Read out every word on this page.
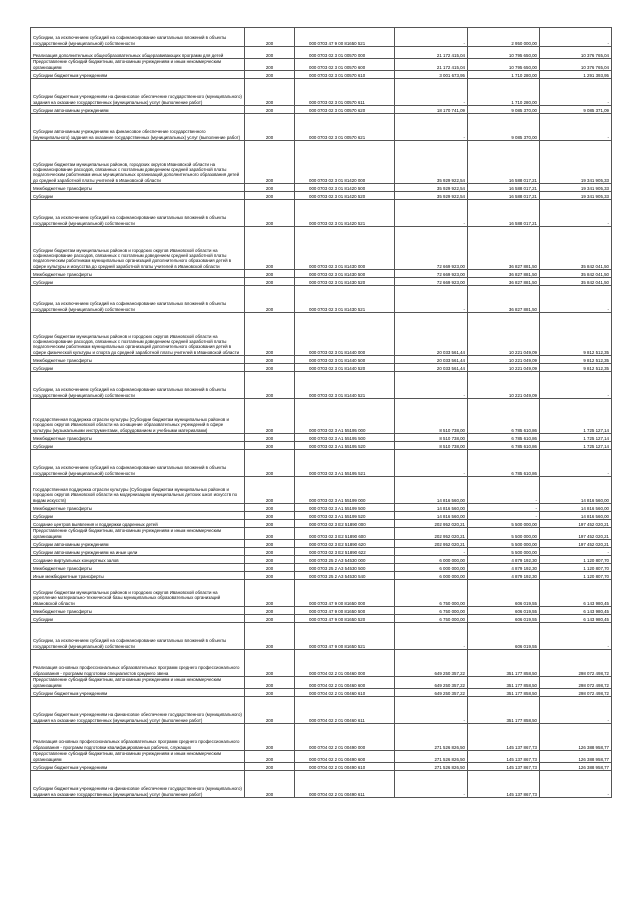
Субсидии, за исключением субсидий на софинансирование капитальных вложений в объекты государственной (муниципальной) собственности	200	000 0703 47 9 00 81650 521	-	2 950 000,00	-
Реализация дополнительных общеобразовательных общеразвивающих программ для детей	200	000 0703 02 3 01 00570 000	21 172 415,04	10 795 650,00	10 376 765,04
Предоставление субсидий бюджетным, автономным учреждениям и иным некоммерческим организациям	200	000 0703 02 3 01 00570 600	21 172 415,04	10 795 650,00	10 376 765,04
Субсидии бюджетным учреждениям	200	000 0703 02 3 01 00570 610	3 001 673,95	1 710 280,00	1 291 393,95
Субсидии бюджетным учреждениям на финансовое обеспечение государственного (муниципального) задания на оказание государственных (муниципальных) услуг (выполнение работ)	200	000 0703 02 3 01 00570 611	-	1 710 280,00	-
Субсидии автономным учреждениям	200	000 0703 02 3 01 00570 620	18 170 741,09	9 085 370,00	9 085 371,09
Субсидии автономным учреждениям на финансовое обеспечение государственного (муниципального) задания на оказание государственных (муниципальных) услуг (выполнение работ)	200	000 0703 02 3 01 00570 621	-	9 085 370,00	-
Субсидии бюджетам муниципальных районов, городских округов Ивановской области на софинансирование расходов, связанных с поэтапным доведением средней заработной платы педагогическим работникам иных муниципальных организаций дополнительного образования детей до средней заработной платы учителей в Ивановской области	200	000 0703 02 3 01 81420 000	35 929 922,54	16 588 017,21	19 341 905,33
Межбюджетные трансферты	200	000 0703 02 3 01 81420 500	35 929 922,54	16 588 017,21	19 341 905,33
Субсидии	200	000 0703 02 3 01 81420 520	35 929 922,54	16 588 017,21	19 341 905,33
Субсидии, за исключением субсидий на софинансирование капитальных вложений в объекты государственной (муниципальной) собственности	200	000 0703 02 3 01 81420 521	-	16 588 017,21	-
Субсидии бюджетам муниципальных районов и городских округов Ивановской области на софинансирование расходов, связанных с поэтапным доведением средней заработной платы педагогическим работникам муниципальных организаций дополнительного образования детей в сфере культуры и искусства до средней заработной платы учителей в Ивановской области	200	000 0703 02 3 01 81430 000	72 669 923,00	36 827 881,50	35 842 041,50
Межбюджетные трансферты	200	000 0703 02 3 01 81430 500	72 669 923,00	36 827 881,50	35 842 041,50
Субсидии	200	000 0703 02 3 01 81430 520	72 669 923,00	36 827 881,50	35 842 041,50
Субсидии, за исключением субсидий на софинансирование капитальных вложений в объекты государственной (муниципальной) собственности	200	000 0703 02 3 01 81430 521	-	36 827 881,50	-
Субсидии бюджетам муниципальных районов и городских округов Ивановской области на софинансирование расходов, связанных с поэтапным доведением средней заработной платы педагогическим работникам муниципальных организаций дополнительного образования детей в сфере физической культуры и спорта до средней заработной платы учителей в Ивановской области	200	000 0703 02 3 01 81440 000	20 033 561,44	10 221 049,09	9 812 512,35
Межбюджетные трансферты	200	000 0703 02 3 01 81440 500	20 033 561,44	10 221 049,09	9 812 512,35
Субсидии	200	000 0703 02 3 01 81440 520	20 033 561,44	10 221 049,09	9 812 512,35
Субсидии, за исключением субсидий на софинансирование капитальных вложений в объекты государственной (муниципальной) собственности	200	000 0703 02 3 01 81440 521	-	10 221 049,09	-
Государственная поддержка отрасли культуры (Субсидии бюджетам муниципальных районов и городских округов Ивановской области на оснащение образовательных учреждений в сфере культуры (музыкальными инструментами, оборудованием и учебными материалами)	200	000 0703 02 3 A1 55195 000	8 510 738,00	6 785 610,86	1 725 127,14
Межбюджетные трансферты	200	000 0703 02 3 A1 55195 500	8 510 738,00	6 785 610,86	1 725 127,14
Субсидии	200	000 0703 02 3 A1 55195 520	8 510 738,00	6 785 610,86	1 725 127,14
Субсидии, за исключением субсидий на софинансирование капитальных вложений в объекты государственной (муниципальной) собственности	200	000 0703 02 3 A1 55195 521	-	6 785 610,86	-
Государственная поддержка отрасли культуры (Субсидии бюджетам муниципальных районов и городских округов Ивановской области на модернизацию муниципальных детских школ искусств по видам искусств)	200	000 0703 02 3 A1 55199 000	14 816 560,00	-	14 816 560,00
Межбюджетные трансферты	200	000 0703 02 3 A1 55199 500	14 816 560,00	-	14 816 560,00
Субсидии	200	000 0703 02 3 A1 55199 520	14 816 560,00	-	14 816 560,00
Создание центров выявления и поддержки одаренных детей	200	000 0703 02 3 E2 51890 000	202 952 020,21	5 500 000,00	197 452 020,21
Предоставление субсидий бюджетным, автономным учреждениям и иным некоммерческим организациям	200	000 0703 02 3 E2 51890 600	202 952 020,21	5 500 000,00	197 452 020,21
Субсидии автономным учреждениям	200	000 0703 02 3 E2 51890 620	202 952 020,21	5 500 000,00	197 452 020,21
Субсидии автономным учреждениям на иные цели	200	000 0703 02 3 E2 51890 622	-	5 500 000,00	-
Создание виртуальных концертных залов	200	000 0703 25 2 A3 54530 000	6 000 000,00	4 879 192,30	1 120 807,70
Межбюджетные трансферты	200	000 0703 25 2 A3 54530 500	6 000 000,00	4 879 192,30	1 120 807,70
Иные межбюджетные трансферты	200	000 0703 25 2 A3 54530 540	6 000 000,00	4 879 192,30	1 120 807,70
Субсидии бюджетам муниципальных районов и городских округов Ивановской области на укрепление материально-технической базы муниципальных образовательных организаций Ивановской области	200	000 0703 47 9 00 81650 000	6 750 000,00	606 019,55	6 143 980,45
Межбюджетные трансферты	200	000 0703 47 9 00 81650 500	6 750 000,00	606 019,55	6 143 980,45
Субсидии	200	000 0703 47 9 00 81650 520	6 750 000,00	606 019,55	6 143 980,45
Субсидии, за исключением субсидий на софинансирование капитальных вложений в объекты государственной (муниципальной) собственности	200	000 0703 47 9 00 81650 521	-	606 019,55	-
Реализация основных профессиональных образовательных программ среднего профессионального образования - программ подготовки специалистов среднего звена	200	000 0704 02 2 01 00460 000	649 250 357,22	351 177 858,50	298 072 498,72
Предоставление субсидий бюджетным, автономным учреждениям и иным некоммерческим организациям	200	000 0704 02 2 01 00460 600	649 250 357,22	351 177 858,50	298 072 498,72
Субсидии бюджетным учреждениям	200	000 0704 02 2 01 00460 610	649 250 357,22	351 177 858,50	298 072 498,72
Субсидии бюджетным учреждениям на финансовое обеспечение государственного (муниципального) задания на оказание государственных (муниципальных) услуг (выполнение работ)	200	000 0704 02 2 01 00460 611	-	351 177 858,50	-
Реализация основных профессиональных образовательных программ среднего профессионального образования - программ подготовки квалифицированных рабочих, служащих	200	000 0704 02 2 01 00490 000	271 526 826,50	145 137 867,73	126 388 958,77
Предоставление субсидий бюджетным, автономным учреждениям и иным некоммерческим организациям	200	000 0704 02 2 01 00490 600	271 526 826,50	145 137 867,73	126 388 958,77
Субсидии бюджетным учреждениям	200	000 0704 02 2 01 00490 610	271 526 826,50	145 137 867,73	126 388 958,77
Субсидии бюджетным учреждениям на финансовое обеспечение государственного (муниципального) задания на оказание государственных (муниципальных) услуг (выполнение работ)	200	000 0704 02 2 01 00490 611	-	145 137 867,73	-
